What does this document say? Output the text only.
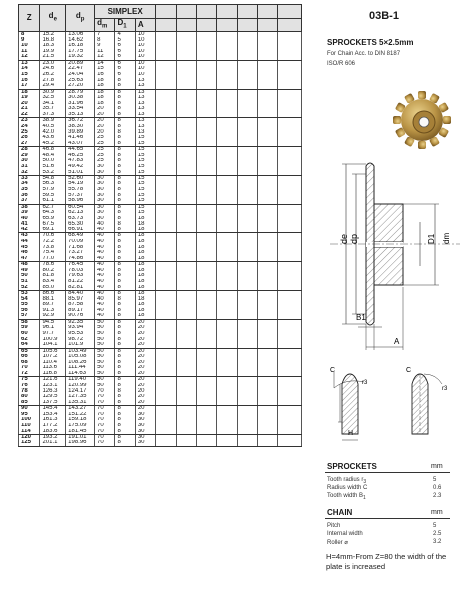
Z	$d_e$	$d_p$	SIMPLEX									
			$d_m$	$D_1$	A							
8	15.2	13.06	7	4	10							
9	16.8	14.62	8	5	10							
10	18.3	16.18	9	6	10							
11	19.9	17.75	11	6	10							
12	21.5	19.32	12	6	10							
13	23.0	20.89	14	6	10							
14	24.6	22.47	15	6	10							
15	26.2	24.04	16	6	10							
16	27.8	25.63	18	8	13							
17	29.4	27.20	18	8	13							
18	30.9	28.79	18	8	13							
19	32.5	30.38	18	8	13							
20	34.1	31.96	18	8	13							
21	35.7	33.54	20	8	13							
22	37.3	35.13	20	8	13							
23	38.9	36.72	20	8	13							
24	40.5	38.30	20	8	13							
25	42.0	39.89	20	8	13							
26	43.6	41.46	25	8	15							
27	45.2	43.07	25	8	15							
28	46.8	44.65	25	8	15							
29	48.4	46.25	25	8	15							
30	50.0	47.83	25	8	15							
31	51.6	49.42	30	8	15							
32	53.2	51.01	30	8	15							
33	54.8	52.60	30	8	15							
34	56.3	54.19	30	8	15							
35	57.9	55.78	30	8	15							
36	59.5	57.37	30	8	15							
37	61.1	58.96	30	8	15							
38	62.7	60.54	30	8	15							
39	64.3	62.13	30	8	15							
40	65.9	63.73	30	8	18							
41	67.5	65.30	40	8	18							
42	69.1	66.91	40	8	18							
43	70.6	68.49	40	8	18							
44	72.2	70.09	40	8	18							
45	73.8	71.68	40	8	18							
46	75.4	73.27	40	8	18							
47	77.0	74.86	40	8	18							
48	78.6	76.45	40	8	18							
49	80.2	78.03	40	8	18							
50	81.8	79.63	40	8	18							
51	83.4	81.22	40	8	18							
52	85.0	82.81	40	8	18							
53	86.6	84.40	40	8	18							
54	88.1	85.97	40	8	18							
55	89.7	87.58	40	8	18							
56	91.3	89.17	40	8	18							
57	92.9	90.76	40	8	18							
58	94.5	92.35	50	8	20							
59	96.1	93.94	50	8	20							
60	97.7	95.53	50	8	20							
62	100.9	98.72	50	8	20							
64	104.1	101.9	50	8	20							
65	105.6	103.49	50	8	20							
66	107.2	105.08	50	8	20							
68	110.4	108.26	50	8	20							
70	113.6	111.44	50	8	20							
72	116.8	114.63	50	8	20							
75	121.6	119.40	50	8	20							
76	123.1	120.99	50	8	20							
78	126.3	124.17	70	8	20							
80	129.5	127.35	70	8	20							
85	137.5	135.31	70	8	20							
90	145.4	143.27	70	8	20							
95	153.4	151.22	70	8	30							
100	161.3	159.18	70	8	30							
110	177.2	175.09	70	8	30							
114	183.6	181.45	70	8	30							
120	193.2	191.01	70	8	30							
125	201.1	198.96	70	8	30							
03B-1
SPROCKETS 5×2.5mm
For Chain Acc. to DIN 8187
ISO/R 606
de dp	D1 dm
B1
A
C
r3
H
C
r3
SPROCKETS	mm
Tooth radius $r_3$	5
Radius width C	0.6
Tooth width $B_1$	2.3
CHAIN	mm
Pitch	5
Internal width	2.5
Roller ⌀	3.2
H=4mm-From Z=80 the width of the plate is increased
